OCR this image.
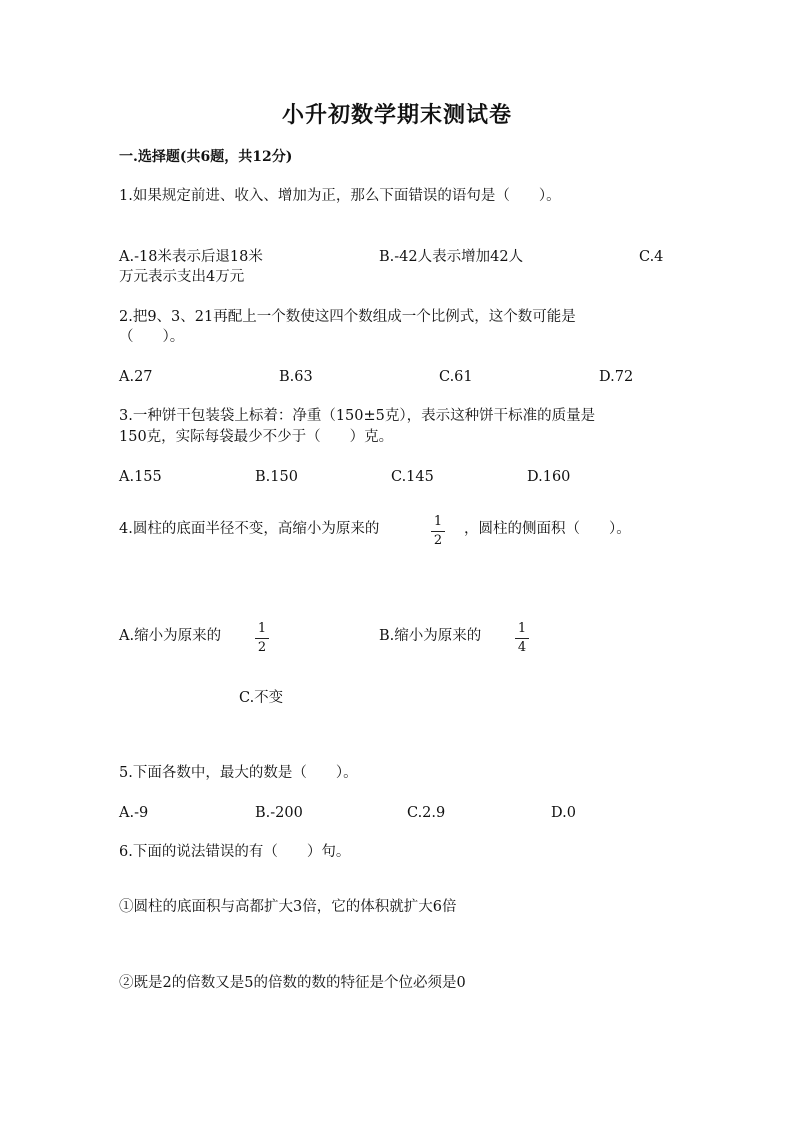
小升初数学期末测试卷
一.选择题(共6题，共12分)
1.如果规定前进、收入、增加为正，那么下面错误的语句是（　　）。
A.-18米表示后退18米	B.-42人表示增加42人	C.4
万元表示支出4万元
2.把9、3、21再配上一个数使这四个数组成一个比例式，这个数可能是
（　　）。
A.27	B.63	C.61	D.72
3.一种饼干包装袋上标着：净重（150±5克），表示这种饼干标准的质量是
150克，实际每袋最少不少于（　　）克。
A.155	B.150	C.145	D.160
4.圆柱的底面半径不变，高缩小为原来的	1
2
，圆柱的侧面积（　　）。
A.缩小为原来的	1
2
B.缩小为原来的	1
4
C.不变
5.下面各数中，最大的数是（　　）。
A.-9	B.-200	C.2.9	D.0
6.下面的说法错误的有（　　）句。
①圆柱的底面积与高都扩大3倍，它的体积就扩大6倍
②既是2的倍数又是5的倍数的数的特征是个位必须是0
